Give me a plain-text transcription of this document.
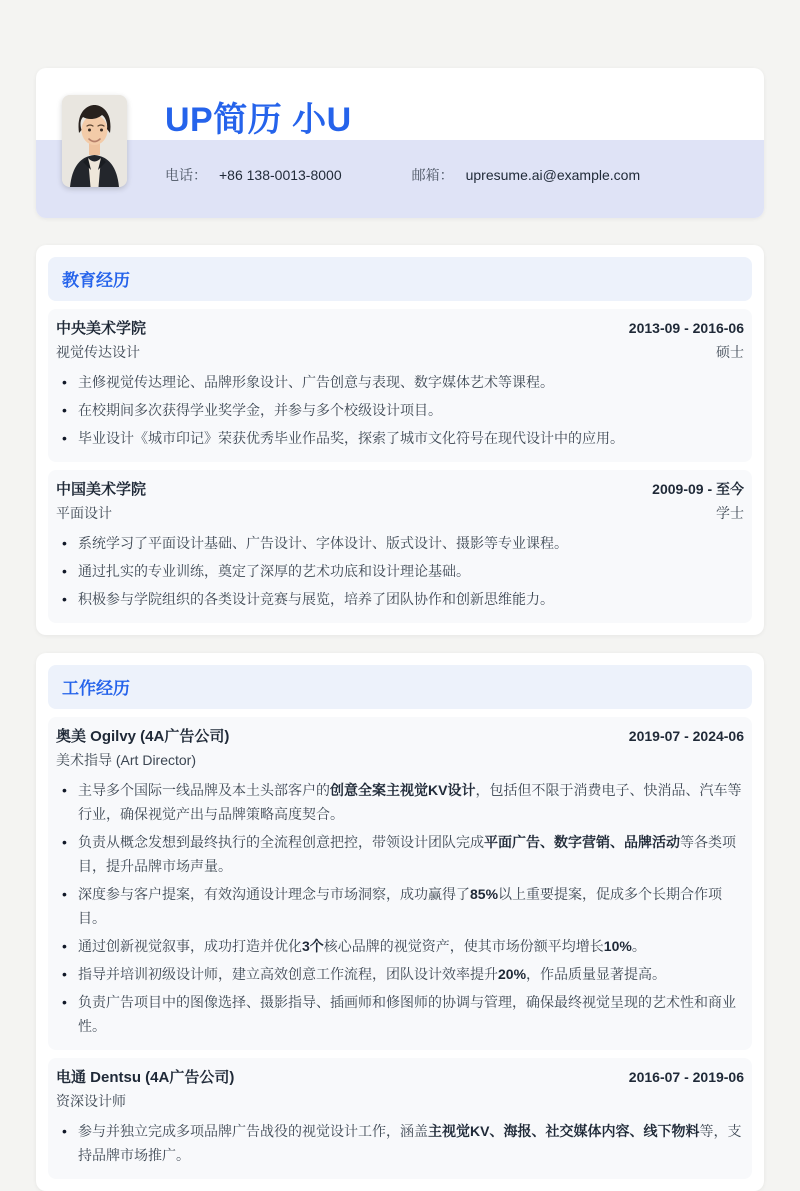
UP简历 小U
电话： +86 138-0013-8000	邮箱： upresume.ai@example.com
教育经历
中央美术学院	2013-09 - 2016-06
视觉传达设计	硕士
• 主修视觉传达理论、品牌形象设计、广告创意与表现、数字媒体艺术等课程。
• 在校期间多次获得学业奖学金，并参与多个校级设计项目。
• 毕业设计《城市印记》荣获优秀毕业作品奖，探索了城市文化符号在现代设计中的应用。
中国美术学院	2009-09 - 至今
平面设计	学士
• 系统学习了平面设计基础、广告设计、字体设计、版式设计、摄影等专业课程。
• 通过扎实的专业训练，奠定了深厚的艺术功底和设计理论基础。
• 积极参与学院组织的各类设计竞赛与展览，培养了团队协作和创新思维能力。
工作经历
奥美 Ogilvy (4A广告公司)	2019-07 - 2024-06
美术指导 (Art Director)
• 主导多个国际一线品牌及本土头部客户的创意全案主视觉KV设计，包括但不限于消费电子、快消品、汽车等行业，确保视觉产出与品牌策略高度契合。
• 负责从概念发想到最终执行的全流程创意把控，带领设计团队完成平面广告、数字营销、品牌活动等各类项目，提升品牌市场声量。
• 深度参与客户提案，有效沟通设计理念与市场洞察，成功赢得了85%以上重要提案，促成多个长期合作项目。
• 通过创新视觉叙事，成功打造并优化3个核心品牌的视觉资产，使其市场份额平均增长10%。
• 指导并培训初级设计师，建立高效创意工作流程，团队设计效率提升20%，作品质量显著提高。
• 负责广告项目中的图像选择、摄影指导、插画师和修图师的协调与管理，确保最终视觉呈现的艺术性和商业性。
电通 Dentsu (4A广告公司)	2016-07 - 2019-06
资深设计师
• 参与并独立完成多项品牌广告战役的视觉设计工作，涵盖主视觉KV、海报、社交媒体内容、线下物料等，支持品牌市场推广。
